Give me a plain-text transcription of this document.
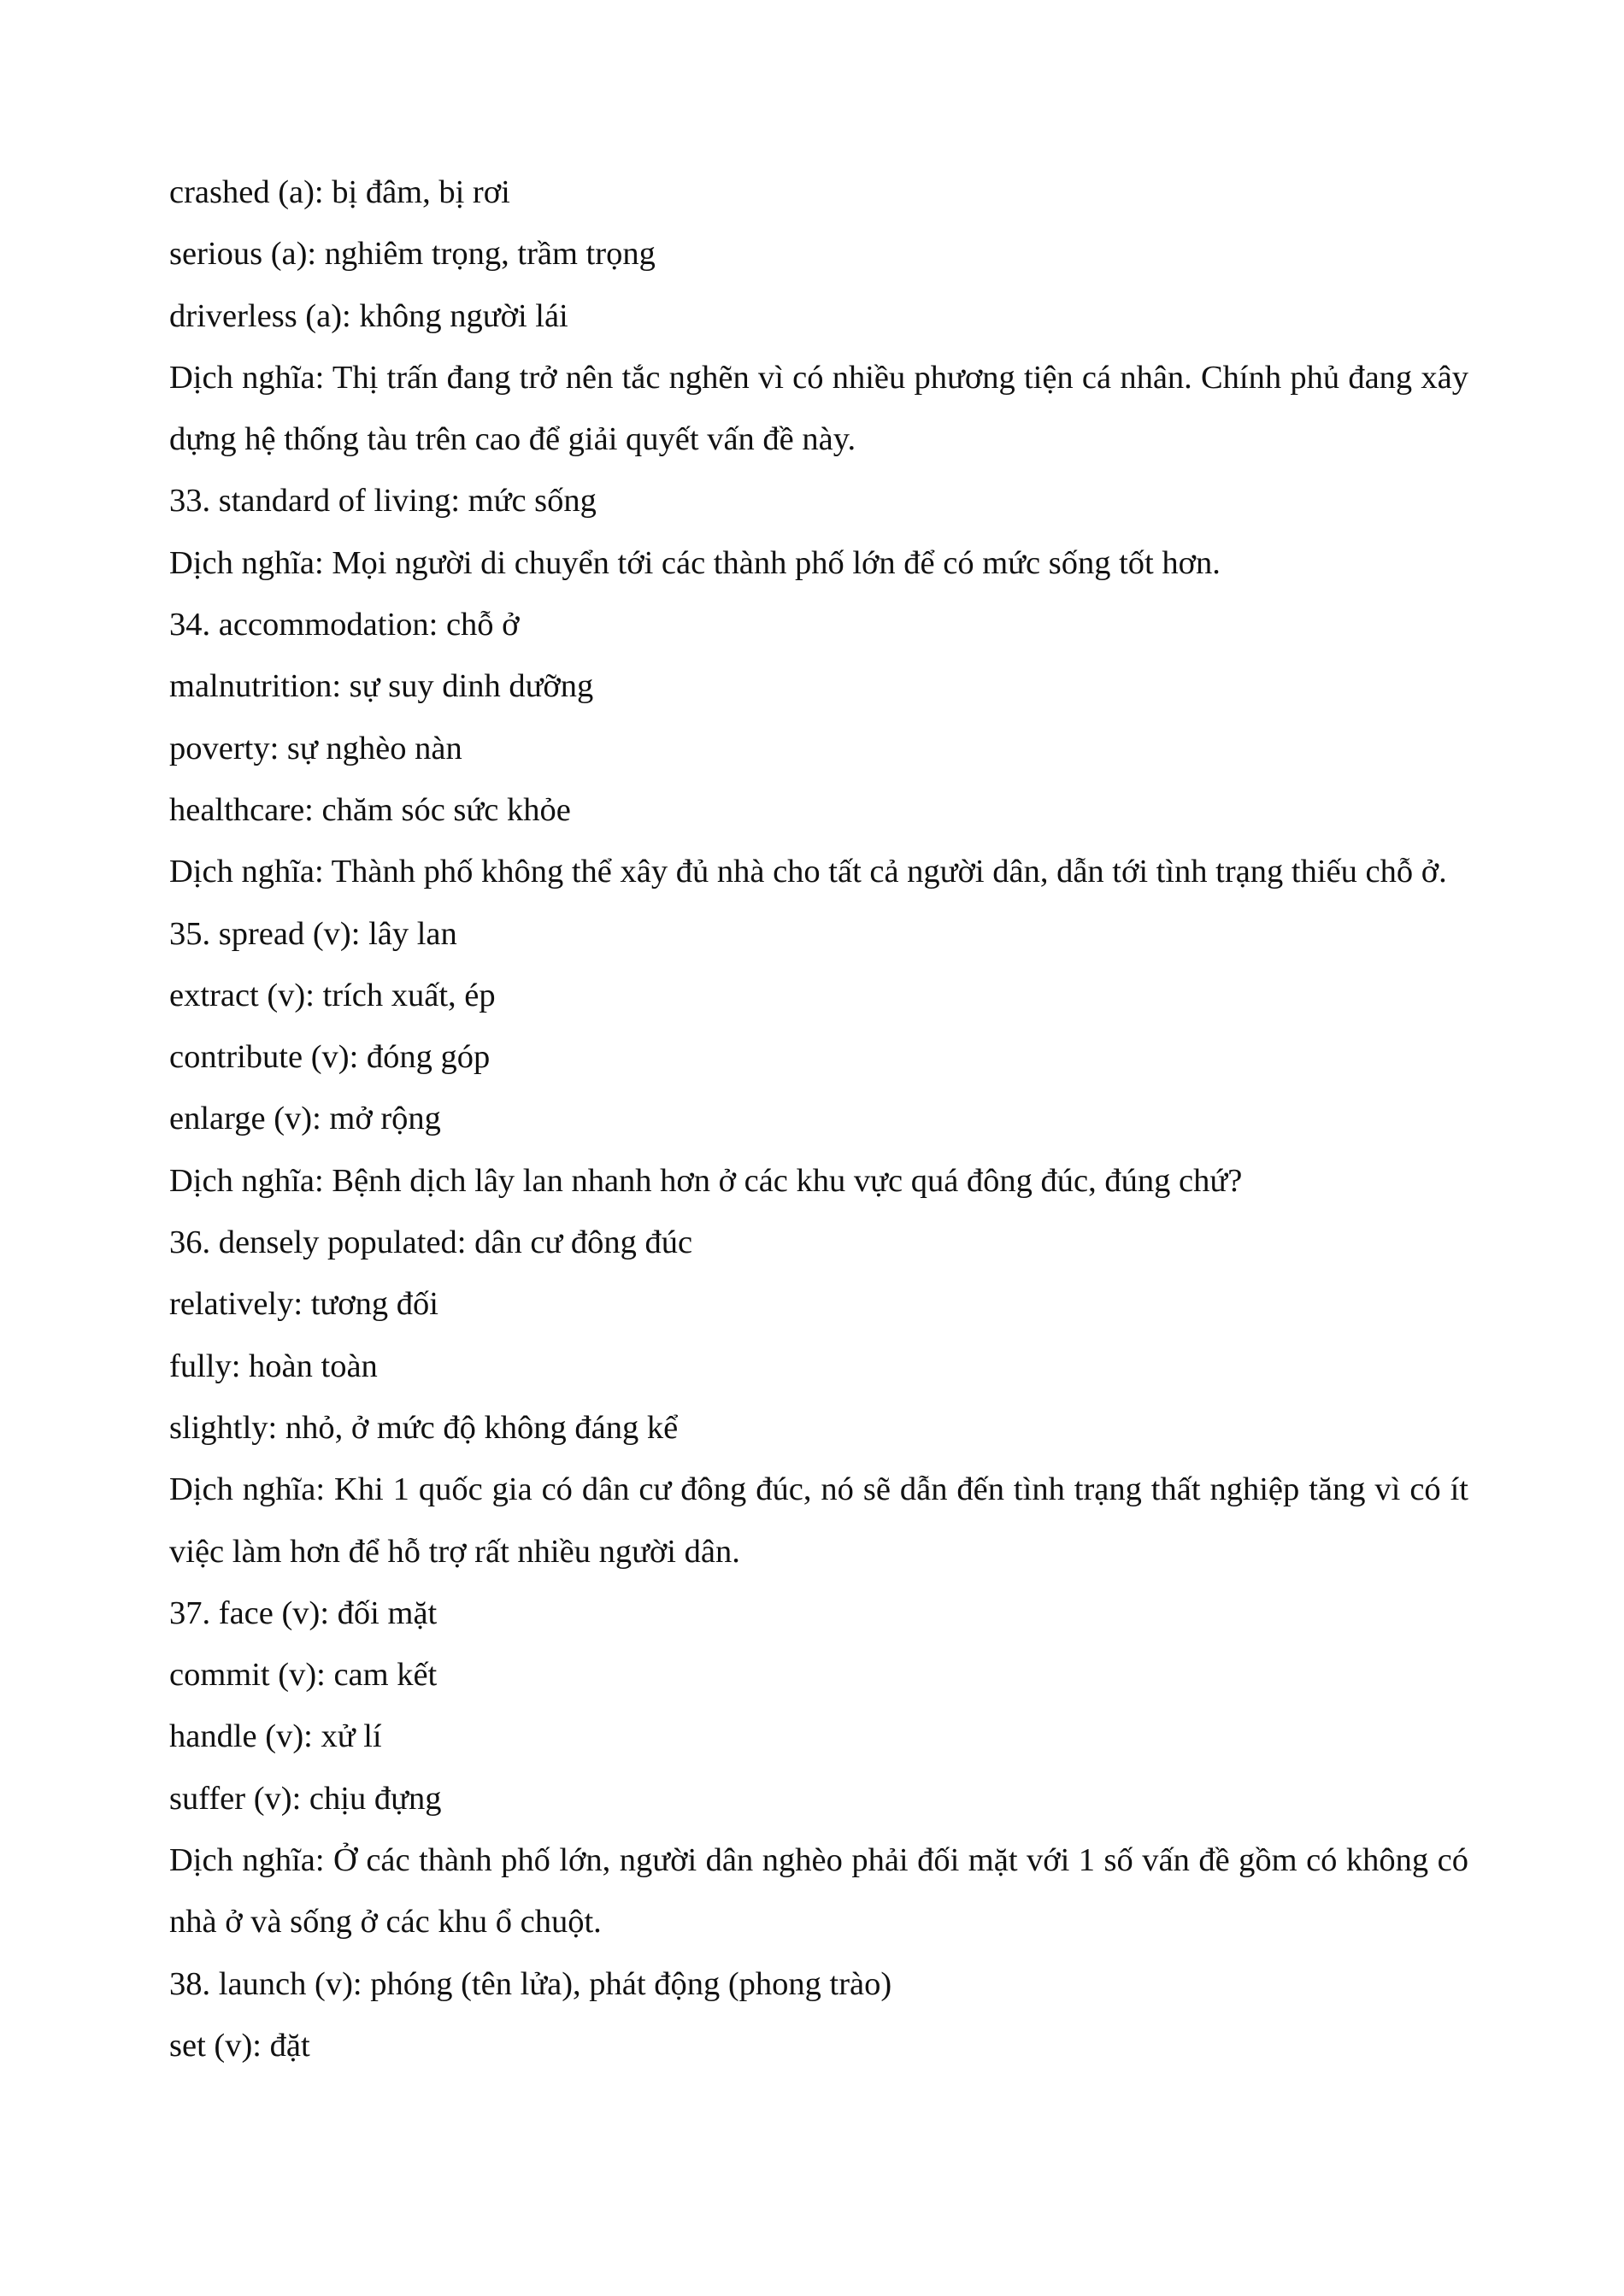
crashed (a): bị đâm, bị rơi
serious (a): nghiêm trọng, trầm trọng
driverless (a): không người lái
Dịch nghĩa: Thị trấn đang trở nên tắc nghẽn vì có nhiều phương tiện cá nhân. Chính phủ đang xây dựng hệ thống tàu trên cao để giải quyết vấn đề này.
33. standard of living: mức sống
Dịch nghĩa: Mọi người di chuyển tới các thành phố lớn để có mức sống tốt hơn.
34. accommodation: chỗ ở
malnutrition: sự suy dinh dưỡng
poverty: sự nghèo nàn
healthcare: chăm sóc sức khỏe
Dịch nghĩa: Thành phố không thể xây đủ nhà cho tất cả người dân, dẫn tới tình trạng thiếu chỗ ở.
35. spread (v): lây lan
extract (v): trích xuất, ép
contribute (v): đóng góp
enlarge (v): mở rộng
Dịch nghĩa: Bệnh dịch lây lan nhanh hơn ở các khu vực quá đông đúc, đúng chứ?
36. densely populated: dân cư đông đúc
relatively: tương đối
fully: hoàn toàn
slightly: nhỏ, ở mức độ không đáng kể
Dịch nghĩa: Khi 1 quốc gia có dân cư đông đúc, nó sẽ dẫn đến tình trạng thất nghiệp tăng vì có ít việc làm hơn để hỗ trợ rất nhiều người dân.
37. face (v): đối mặt
commit (v): cam kết
handle (v): xử lí
suffer (v): chịu đựng
Dịch nghĩa: Ở các thành phố lớn, người dân nghèo phải đối mặt với 1 số vấn đề gồm có không có nhà ở và sống ở các khu ổ chuột.
38. launch (v): phóng (tên lửa), phát động (phong trào)
set (v): đặt
